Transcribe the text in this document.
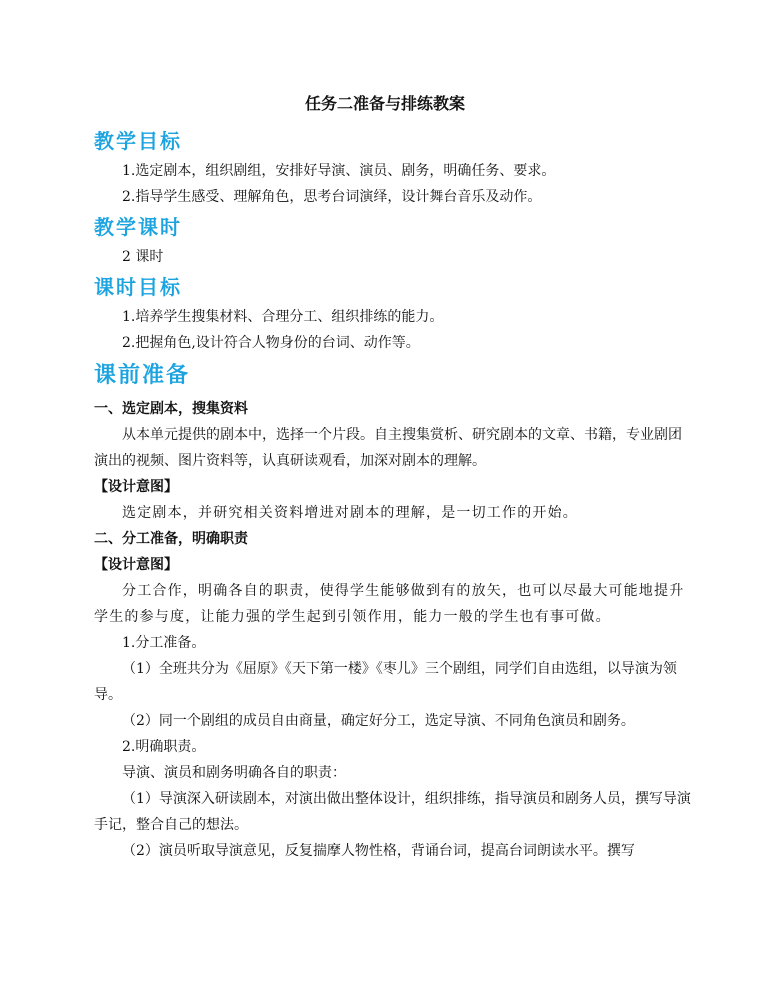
任务二准备与排练教案
教学目标

1.选定剧本，组织剧组，安排好导演、演员、剧务，明确任务、要求。

2.指导学生感受、理解角色，思考台词演绎，设计舞台音乐及动作。

教学课时

2 课时

课时目标

1.培养学生搜集材料、合理分工、组织排练的能力。

2.把握角色,设计符合人物身份的台词、动作等。

课前准备

一、选定剧本，搜集资料

从本单元提供的剧本中，选择一个片段。自主搜集赏析、研究剧本的文章、书籍，专业剧团演出的视频、图片资料等，认真研读观看，加深对剧本的理解。

【设计意图】

选定剧本，并研究相关资料增进对剧本的理解，是一切工作的开始。

二、分工准备，明确职责

【设计意图】

分工合作，明确各自的职责，使得学生能够做到有的放矢，也可以尽最大可能地提升学生的参与度，让能力强的学生起到引领作用，能力一般的学生也有事可做。

1.分工准备。

（1）全班共分为《屈原》《天下第一楼》《枣儿》三个剧组，同学们自由选组，以导演为领导。

（2）同一个剧组的成员自由商量，确定好分工，选定导演、不同角色演员和剧务。

2.明确职责。

导演、演员和剧务明确各自的职责：

（1）导演深入研读剧本，对演出做出整体设计，组织排练，指导演员和剧务人员，撰写导演手记，整合自己的想法。

（2）演员听取导演意见，反复揣摩人物性格，背诵台词，提高台词朗读水平。撰写
